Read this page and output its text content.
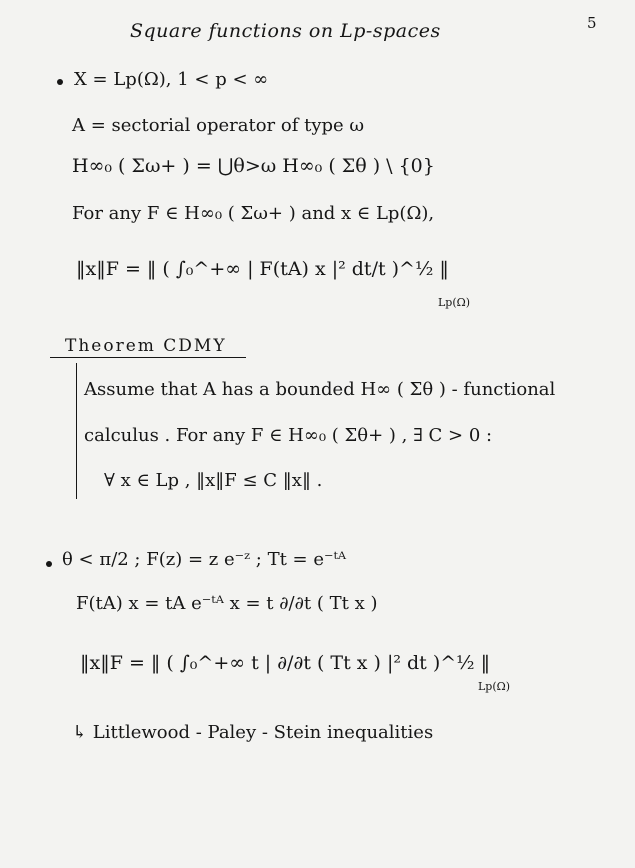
Square functions on Lp-spaces	5
X = Lp(Ω), 1 < p < ∞
A = sectorial operator of type ω
H∞₀ ( Σω+ ) = ⋃θ>ω H∞₀ ( Σθ ) \ {0}
For any F ∈ H∞₀ ( Σω+ ) and x ∈ Lp(Ω),
‖x‖F = ‖ ( ∫₀^+∞ | F(tA) x |² dt/t )^½ ‖
Lp(Ω)
Theorem CDMY
Assume that A has a bounded H∞ ( Σθ ) - functional
calculus . For any F ∈ H∞₀ ( Σθ+ ) , ∃ C > 0 :
∀ x ∈ Lp , ‖x‖F ≤ C ‖x‖ .
θ < π/2 ; F(z) = z e⁻ᶻ ; Tt = e⁻ᵗᴬ
F(tA) x = tA e⁻ᵗᴬ x = t ∂/∂t ( Tt x )
‖x‖F = ‖ ( ∫₀^+∞ t | ∂/∂t ( Tt x ) |² dt )^½ ‖
Lp(Ω)
↳ Littlewood - Paley - Stein inequalities
